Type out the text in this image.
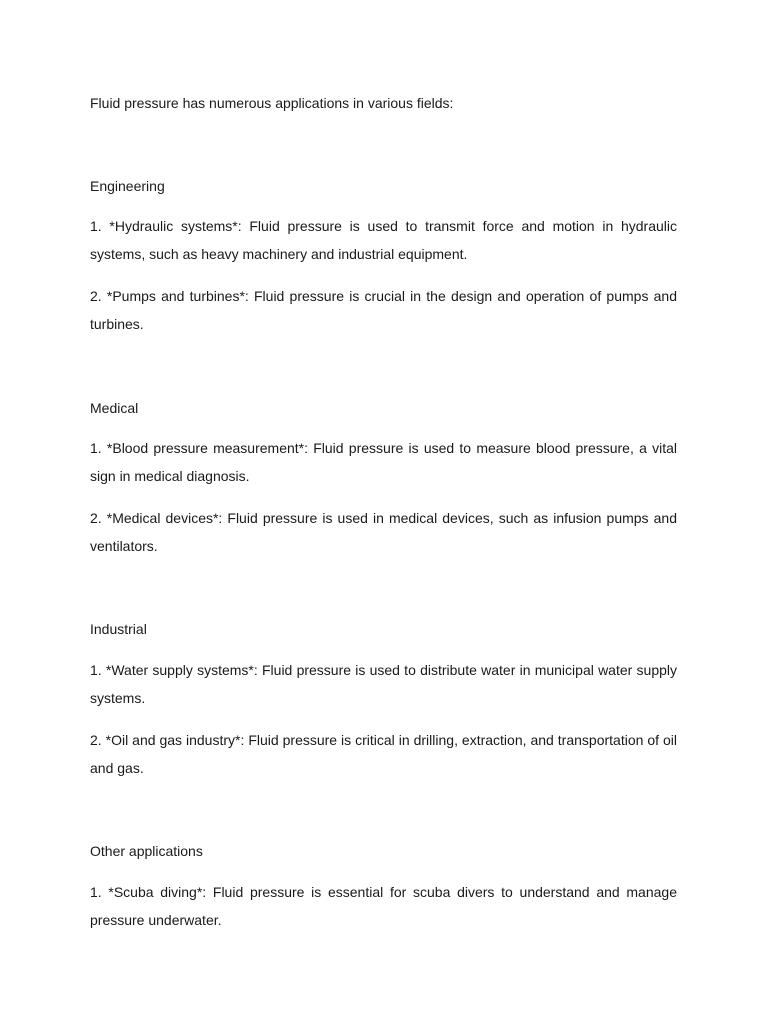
Fluid pressure has numerous applications in various fields:

Engineering

1. *Hydraulic systems*: Fluid pressure is used to transmit force and motion in hydraulic systems, such as heavy machinery and industrial equipment.

2. *Pumps and turbines*: Fluid pressure is crucial in the design and operation of pumps and turbines.

Medical

1. *Blood pressure measurement*: Fluid pressure is used to measure blood pressure, a vital sign in medical diagnosis.

2. *Medical devices*: Fluid pressure is used in medical devices, such as infusion pumps and ventilators.

Industrial

1. *Water supply systems*: Fluid pressure is used to distribute water in municipal water supply systems.

2. *Oil and gas industry*: Fluid pressure is critical in drilling, extraction, and transportation of oil and gas.

Other applications

1. *Scuba diving*: Fluid pressure is essential for scuba divers to understand and manage pressure underwater.
